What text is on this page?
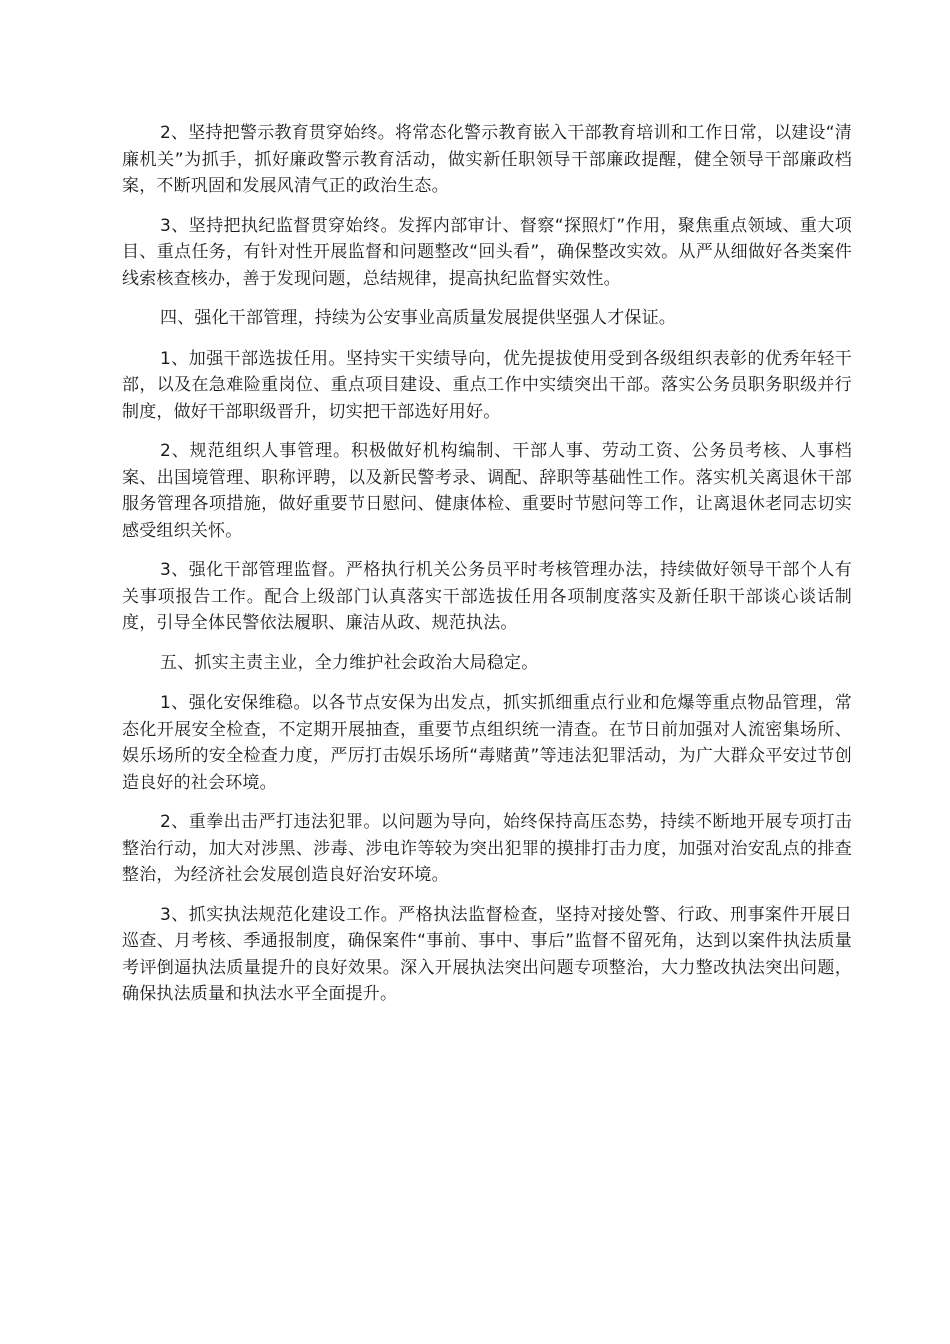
2、坚持把警示教育贯穿始终。将常态化警示教育嵌入干部教育培训和工作日常，以建设“清廉机关”为抓手，抓好廉政警示教育活动，做实新任职领导干部廉政提醒，健全领导干部廉政档案，不断巩固和发展风清气正的政治生态。

3、坚持把执纪监督贯穿始终。发挥内部审计、督察“探照灯”作用，聚焦重点领域、重大项目、重点任务，有针对性开展监督和问题整改“回头看”，确保整改实效。从严从细做好各类案件线索核查核办，善于发现问题，总结规律，提高执纪监督实效性。

四、强化干部管理，持续为公安事业高质量发展提供坚强人才保证。

1、加强干部选拔任用。坚持实干实绩导向，优先提拔使用受到各级组织表彰的优秀年轻干部，以及在急难险重岗位、重点项目建设、重点工作中实绩突出干部。落实公务员职务职级并行制度，做好干部职级晋升，切实把干部选好用好。

2、规范组织人事管理。积极做好机构编制、干部人事、劳动工资、公务员考核、人事档案、出国境管理、职称评聘，以及新民警考录、调配、辞职等基础性工作。落实机关离退休干部服务管理各项措施，做好重要节日慰问、健康体检、重要时节慰问等工作，让离退休老同志切实感受组织关怀。

3、强化干部管理监督。严格执行机关公务员平时考核管理办法，持续做好领导干部个人有关事项报告工作。配合上级部门认真落实干部选拔任用各项制度落实及新任职干部谈心谈话制度，引导全体民警依法履职、廉洁从政、规范执法。

五、抓实主责主业，全力维护社会政治大局稳定。

1、强化安保维稳。以各节点安保为出发点，抓实抓细重点行业和危爆等重点物品管理，常态化开展安全检查，不定期开展抽查，重要节点组织统一清查。在节日前加强对人流密集场所、娱乐场所的安全检查力度，严厉打击娱乐场所“毒赌黄”等违法犯罪活动，为广大群众平安过节创造良好的社会环境。

2、重拳出击严打违法犯罪。以问题为导向，始终保持高压态势，持续不断地开展专项打击整治行动，加大对涉黑、涉毒、涉电诈等较为突出犯罪的摸排打击力度，加强对治安乱点的排查整治，为经济社会发展创造良好治安环境。

3、抓实执法规范化建设工作。严格执法监督检查，坚持对接处警、行政、刑事案件开展日巡查、月考核、季通报制度，确保案件“事前、事中、事后”监督不留死角，达到以案件执法质量考评倒逼执法质量提升的良好效果。深入开展执法突出问题专项整治，大力整改执法突出问题，确保执法质量和执法水平全面提升。
